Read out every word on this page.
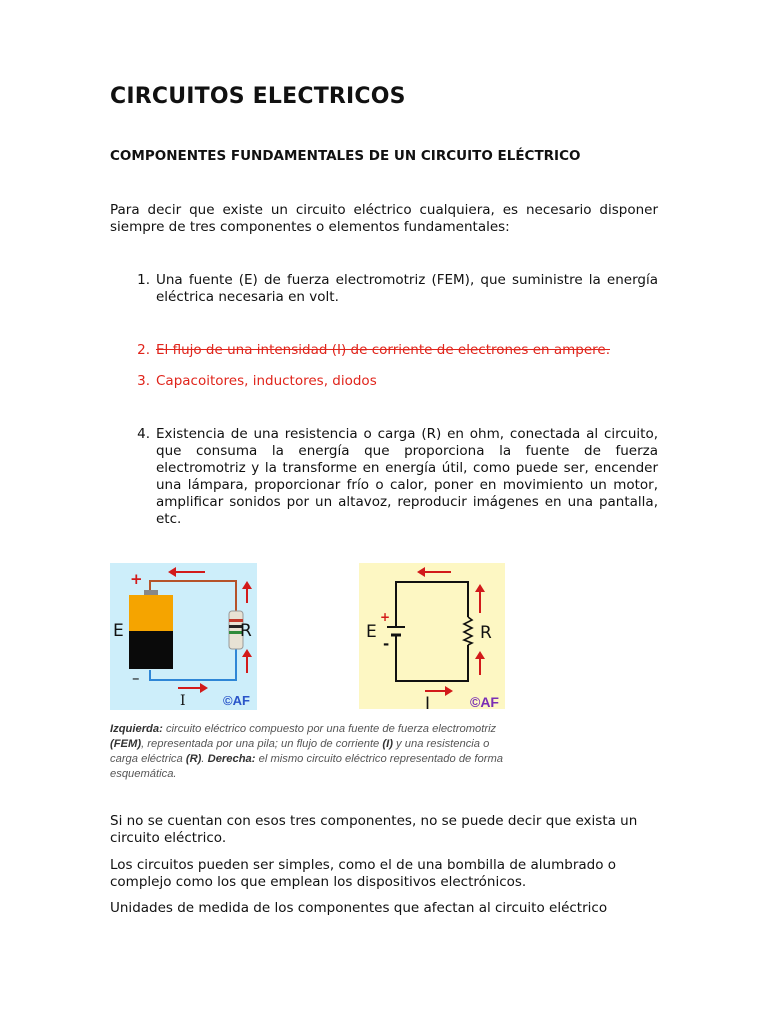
CIRCUITOS ELECTRICOS
COMPONENTES FUNDAMENTALES DE UN CIRCUITO ELÉCTRICO
Para decir que existe un circuito eléctrico cualquiera, es necesario disponer siempre de tres componentes o elementos fundamentales:
1. Una fuente (E) de fuerza electromotriz (FEM), que suministre la energía eléctrica necesaria en volt.
2. El flujo de una intensidad (I) de corriente de electrones en ampere.
3. Capacoitores, inductores, diodos
4. Existencia de una resistencia o carga (R) en ohm, conectada al circuito, que consuma la energía que proporciona la fuente de fuerza electromotriz y la transforme en energía útil, como puede ser, encender una lámpara, proporcionar frío o calor, poner en movimiento un motor, amplificar sonidos por un altavoz, reproducir imágenes en una pantalla, etc.
+
–
E	R
I	©AF
+
-
E	R
I	©AF
Izquierda: circuito eléctrico compuesto por una fuente de fuerza electromotriz (FEM), representada por una pila; un flujo de corriente (I) y una resistencia o carga eléctrica (R). Derecha: el mismo circuito eléctrico representado de forma esquemática.
Si no se cuentan con esos tres componentes, no se puede decir que exista un circuito eléctrico.
Los circuitos pueden ser simples, como el de una bombilla de alumbrado o complejo como los que emplean los dispositivos electrónicos.
Unidades de medida de los componentes que afectan al circuito eléctrico
